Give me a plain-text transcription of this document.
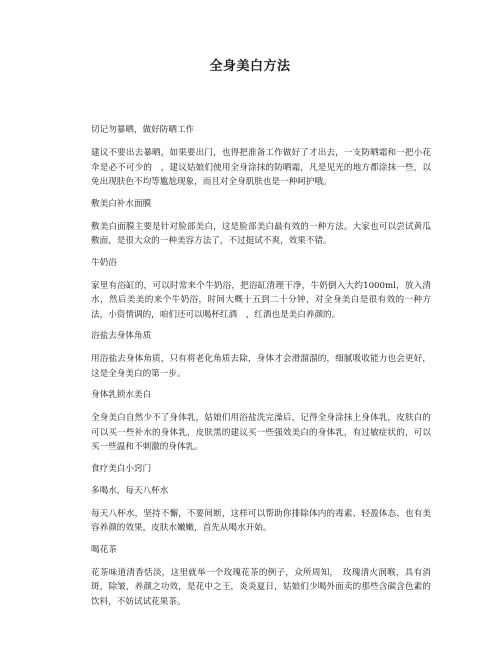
全身美白方法
切记勿暴晒，做好防晒工作
建议不要出去暴晒，如果要出门，也得把准备工作做好了才出去，一支防晒霜和一把小花伞是必不可少的　，建议姑娘们使用全身涂抹的防晒霜，凡是见光的地方都涂抹一些，以免出现肤色不均等尴尬现象，而且对全身肌肤也是一种呵护哦。
敷美白补水面膜
敷美白面膜主要是针对脸部美白，这是脸部美白最有效的一种方法。大家也可以尝试黄瓜敷面，是很大众的一种美容方法了，不过挺试不爽，效果不错。
牛奶浴
家里有浴缸的，可以时常来个牛奶浴，把浴缸清理干净，牛奶倒入大约1000ml，放入清水，然后美美的来个牛奶浴，时间大概十五到二十分钟，对全身美白是很有效的一种方法，小资情调的，咱们还可以喝杯红酒　，红酒也是美白养颜的。
浴盐去身体角质
用浴盐去身体角质，只有将老化角质去除，身体才会滑溜溜的，细腻吸收能力也会更好，这是全身美白的第一步。
身体乳锁水美白
全身美白自然少不了身体乳，姑娘们用浴盐洗完澡后，记得全身涂抹上身体乳，皮肤白的可以买一些补水的身体乳，皮肤黑的建议买一些强效美白的身体乳，有过敏症状的，可以买一些温和不刺激的身体乳。
食疗美白小窍门
多喝水，每天八杯水
每天八杯水，坚持不懈，不要间断，这样可以帮助你排除体内的毒素、轻盈体态、也有美容养颜的效果，皮肤水嫩嫩，首先从喝水开始。
喝花茶
花茶味道清香恬淡，这里就举一个玫瑰花茶的例子，众所周知，　玫瑰清火润喉，具有消斑，除皱，养颜之功效，是花中之王，炎炎夏日，姑娘们少喝外面卖的那些含碳含色素的饮料，不妨试试花果茶。
